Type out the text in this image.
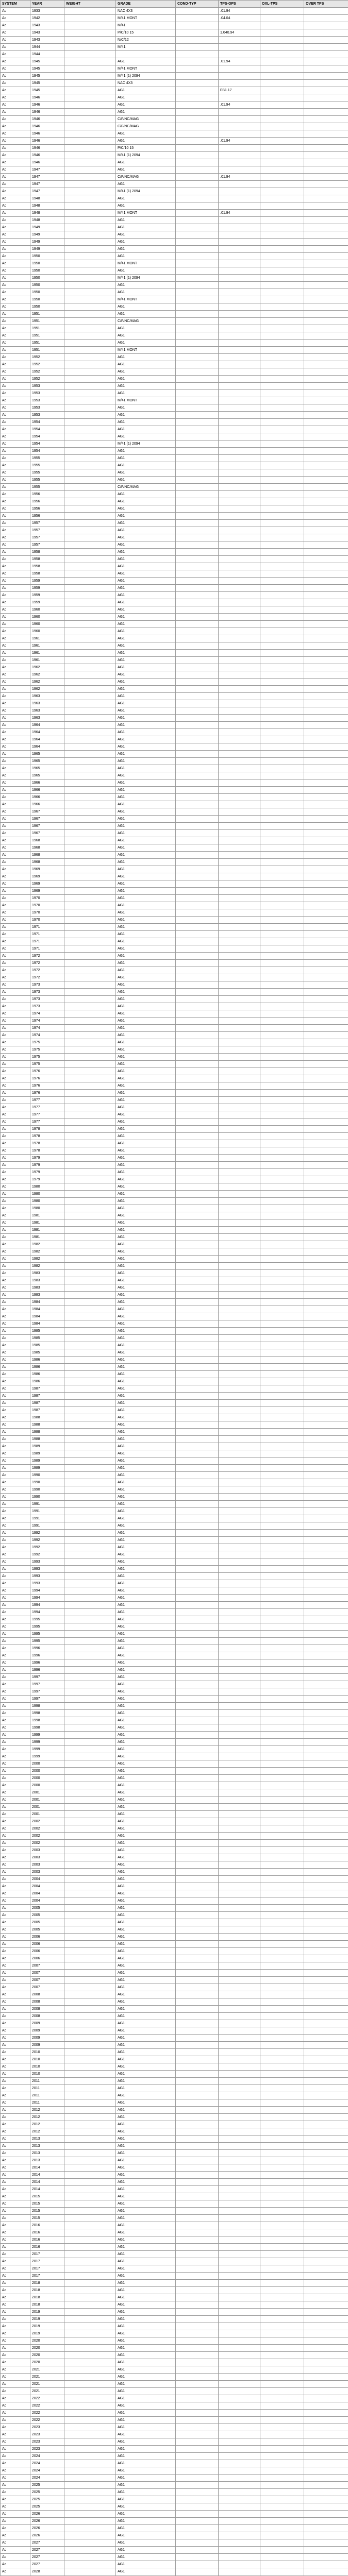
SYSTEM	YEAR	WEIGHT	GRADE	COND-TYP	TPS-OPS	OXL-TPS	OVER TPS
Ac	1933		NAC 4X3		.01.94		
Ac	1942		M/41 MONT		.04.04		
Ac	1943		M/41				
Ac	1943		P/C/10 15		1.040.94		
Ac	1943		N/C/12				
Ac	1944		M/41				
Ac	1944						
Ac	1945		AG1		.01.94		
Ac	1945		M/41 MONT				
Ac	1945		M/41 (1) 2094				
Ac	1945		NAC 4X3				
Ac	1945		AG1		FB1.17		
Ac	1946		AG1				
Ac	1946		AG1		.01.94		
Ac	1946		AG1				
Ac	1946		C/F/NC/MAG				
Ac	1946		C/F/NC/MAG				
Ac	1946		AG1				
Ac	1946		AG1		.01.94		
Ac	1946		P/C/10 15				
Ac	1946		M/41 (1) 2094				
Ac	1946		AG1				
Ac	1947		AG1				
Ac	1947		C/F/NC/MAG		.01.94		
Ac	1947		AG1				
Ac	1947		M/41 (1) 2094				
Ac	1948		AG1				
Ac	1948		AG1				
Ac	1948		M/41 MONT		.01.94		
Ac	1948		AG1				
Ac	1949		AG1				
Ac	1949		AG1				
Ac	1949		AG1				
Ac	1949		AG1				
Ac	1950		AG1				
Ac	1950		M/41 MONT				
Ac	1950		AG1				
Ac	1950		M/41 (1) 2094				
Ac	1950		AG1				
Ac	1950		AG1				
Ac	1950		M/41 MONT				
Ac	1950		AG1				
Ac	1951		AG1				
Ac	1951		C/F/NC/MAG				
Ac	1951		AG1				
Ac	1951		AG1				
Ac	1951		AG1				
Ac	1951		M/41 MONT				
Ac	1952		AG1				
Ac	1952		AG1				
Ac	1952		AG1				
Ac	1952		AG1				
Ac	1953		AG1				
Ac	1953		AG1				
Ac	1953		M/41 MONT				
Ac	1953		AG1				
Ac	1953		AG1				
Ac	1954		AG1				
Ac	1954		AG1				
Ac	1954		AG1				
Ac	1954		M/41 (1) 2094				
Ac	1954		AG1				
Ac	1955		AG1				
Ac	1955		AG1				
Ac	1955		AG1				
Ac	1955		AG1				
Ac	1955		C/F/NC/MAG				
Ac	1956		AG1				
Ac	1956		AG1				
Ac	1956		AG1				
Ac	1956		AG1				
Ac	1957		AG1				
Ac	1957		AG1				
Ac	1957		AG1				
Ac	1957		AG1				
Ac	1958		AG1				
Ac	1958		AG1				
Ac	1958		AG1				
Ac	1958		AG1				
Ac	1959		AG1				
Ac	1959		AG1				
Ac	1959		AG1				
Ac	1959		AG1				
Ac	1960		AG1				
Ac	1960		AG1				
Ac	1960		AG1				
Ac	1960		AG1				
Ac	1961		AG1				
Ac	1961		AG1				
Ac	1961		AG1				
Ac	1961		AG1				
Ac	1962		AG1				
Ac	1962		AG1				
Ac	1962		AG1				
Ac	1962		AG1				
Ac	1963		AG1				
Ac	1963		AG1				
Ac	1963		AG1				
Ac	1963		AG1				
Ac	1964		AG1				
Ac	1964		AG1				
Ac	1964		AG1				
Ac	1964		AG1				
Ac	1965		AG1				
Ac	1965		AG1				
Ac	1965		AG1				
Ac	1965		AG1				
Ac	1966		AG1				
Ac	1966		AG1				
Ac	1966		AG1				
Ac	1966		AG1				
Ac	1967		AG1				
Ac	1967		AG1				
Ac	1967		AG1				
Ac	1967		AG1				
Ac	1968		AG1				
Ac	1968		AG1				
Ac	1968		AG1				
Ac	1968		AG1				
Ac	1969		AG1				
Ac	1969		AG1				
Ac	1969		AG1				
Ac	1969		AG1				
Ac	1970		AG1				
Ac	1970		AG1				
Ac	1970		AG1				
Ac	1970		AG1				
Ac	1971		AG1				
Ac	1971		AG1				
Ac	1971		AG1				
Ac	1971		AG1				
Ac	1972		AG1				
Ac	1972		AG1				
Ac	1972		AG1				
Ac	1972		AG1				
Ac	1973		AG1				
Ac	1973		AG1				
Ac	1973		AG1				
Ac	1973		AG1				
Ac	1974		AG1				
Ac	1974		AG1				
Ac	1974		AG1				
Ac	1974		AG1				
Ac	1975		AG1				
Ac	1975		AG1				
Ac	1975		AG1				
Ac	1975		AG1				
Ac	1976		AG1				
Ac	1976		AG1				
Ac	1976		AG1				
Ac	1976		AG1				
Ac	1977		AG1				
Ac	1977		AG1				
Ac	1977		AG1				
Ac	1977		AG1				
Ac	1978		AG1				
Ac	1978		AG1				
Ac	1978		AG1				
Ac	1978		AG1				
Ac	1979		AG1				
Ac	1979		AG1				
Ac	1979		AG1				
Ac	1979		AG1				
Ac	1980		AG1				
Ac	1980		AG1				
Ac	1980		AG1				
Ac	1980		AG1				
Ac	1981		AG1				
Ac	1981		AG1				
Ac	1981		AG1				
Ac	1981		AG1				
Ac	1982		AG1				
Ac	1982		AG1				
Ac	1982		AG1				
Ac	1982		AG1				
Ac	1983		AG1				
Ac	1983		AG1				
Ac	1983		AG1				
Ac	1983		AG1				
Ac	1984		AG1				
Ac	1984		AG1				
Ac	1984		AG1				
Ac	1984		AG1				
Ac	1985		AG1				
Ac	1985		AG1				
Ac	1985		AG1				
Ac	1985		AG1				
Ac	1986		AG1				
Ac	1986		AG1				
Ac	1986		AG1				
Ac	1986		AG1				
Ac	1987		AG1				
Ac	1987		AG1				
Ac	1987		AG1				
Ac	1987		AG1				
Ac	1988		AG1				
Ac	1988		AG1				
Ac	1988		AG1				
Ac	1988		AG1				
Ac	1989		AG1				
Ac	1989		AG1				
Ac	1989		AG1				
Ac	1989		AG1				
Ac	1990		AG1				
Ac	1990		AG1				
Ac	1990		AG1				
Ac	1990		AG1				
Ac	1991		AG1				
Ac	1991		AG1				
Ac	1991		AG1				
Ac	1991		AG1				
Ac	1992		AG1				
Ac	1992		AG1				
Ac	1992		AG1				
Ac	1992		AG1				
Ac	1993		AG1				
Ac	1993		AG1				
Ac	1993		AG1				
Ac	1993		AG1				
Ac	1994		AG1				
Ac	1994		AG1				
Ac	1994		AG1				
Ac	1994		AG1				
Ac	1995		AG1				
Ac	1995		AG1				
Ac	1995		AG1				
Ac	1995		AG1				
Ac	1996		AG1				
Ac	1996		AG1				
Ac	1996		AG1				
Ac	1996		AG1				
Ac	1997		AG1				
Ac	1997		AG1				
Ac	1997		AG1				
Ac	1997		AG1				
Ac	1998		AG1				
Ac	1998		AG1				
Ac	1998		AG1				
Ac	1998		AG1				
Ac	1999		AG1				
Ac	1999		AG1				
Ac	1999		AG1				
Ac	1999		AG1				
Ac	2000		AG1				
Ac	2000		AG1				
Ac	2000		AG1				
Ac	2000		AG1				
Ac	2001		AG1				
Ac	2001		AG1				
Ac	2001		AG1				
Ac	2001		AG1				
Ac	2002		AG1				
Ac	2002		AG1				
Ac	2002		AG1				
Ac	2002		AG1				
Ac	2003		AG1				
Ac	2003		AG1				
Ac	2003		AG1				
Ac	2003		AG1				
Ac	2004		AG1				
Ac	2004		AG1				
Ac	2004		AG1				
Ac	2004		AG1				
Ac	2005		AG1				
Ac	2005		AG1				
Ac	2005		AG1				
Ac	2005		AG1				
Ac	2006		AG1				
Ac	2006		AG1				
Ac	2006		AG1				
Ac	2006		AG1				
Ac	2007		AG1				
Ac	2007		AG1				
Ac	2007		AG1				
Ac	2007		AG1				
Ac	2008		AG1				
Ac	2008		AG1				
Ac	2008		AG1				
Ac	2008		AG1				
Ac	2009		AG1				
Ac	2009		AG1				
Ac	2009		AG1				
Ac	2009		AG1				
Ac	2010		AG1				
Ac	2010		AG1				
Ac	2010		AG1				
Ac	2010		AG1				
Ac	2011		AG1				
Ac	2011		AG1				
Ac	2011		AG1				
Ac	2011		AG1				
Ac	2012		AG1				
Ac	2012		AG1				
Ac	2012		AG1				
Ac	2012		AG1				
Ac	2013		AG1				
Ac	2013		AG1				
Ac	2013		AG1				
Ac	2013		AG1				
Ac	2014		AG1				
Ac	2014		AG1				
Ac	2014		AG1				
Ac	2014		AG1				
Ac	2015		AG1				
Ac	2015		AG1				
Ac	2015		AG1				
Ac	2015		AG1				
Ac	2016		AG1				
Ac	2016		AG1				
Ac	2016		AG1				
Ac	2016		AG1				
Ac	2017		AG1				
Ac	2017		AG1				
Ac	2017		AG1				
Ac	2017		AG1				
Ac	2018		AG1				
Ac	2018		AG1				
Ac	2018		AG1				
Ac	2018		AG1				
Ac	2019		AG1				
Ac	2019		AG1				
Ac	2019		AG1				
Ac	2019		AG1				
Ac	2020		AG1				
Ac	2020		AG1				
Ac	2020		AG1				
Ac	2020		AG1				
Ac	2021		AG1				
Ac	2021		AG1				
Ac	2021		AG1				
Ac	2021		AG1				
Ac	2022		AG1				
Ac	2022		AG1				
Ac	2022		AG1				
Ac	2022		AG1				
Ac	2023		AG1				
Ac	2023		AG1				
Ac	2023		AG1				
Ac	2023		AG1				
Ac	2024		AG1				
Ac	2024		AG1				
Ac	2024		AG1				
Ac	2024		AG1				
Ac	2025		AG1				
Ac	2025		AG1				
Ac	2025		AG1				
Ac	2025		AG1				
Ac	2026		AG1				
Ac	2026		AG1				
Ac	2026		AG1				
Ac	2026		AG1				
Ac	2027		AG1				
Ac	2027		AG1				
Ac	2027		AG1				
Ac	2027		AG1				
Ac	2028		AG1				
